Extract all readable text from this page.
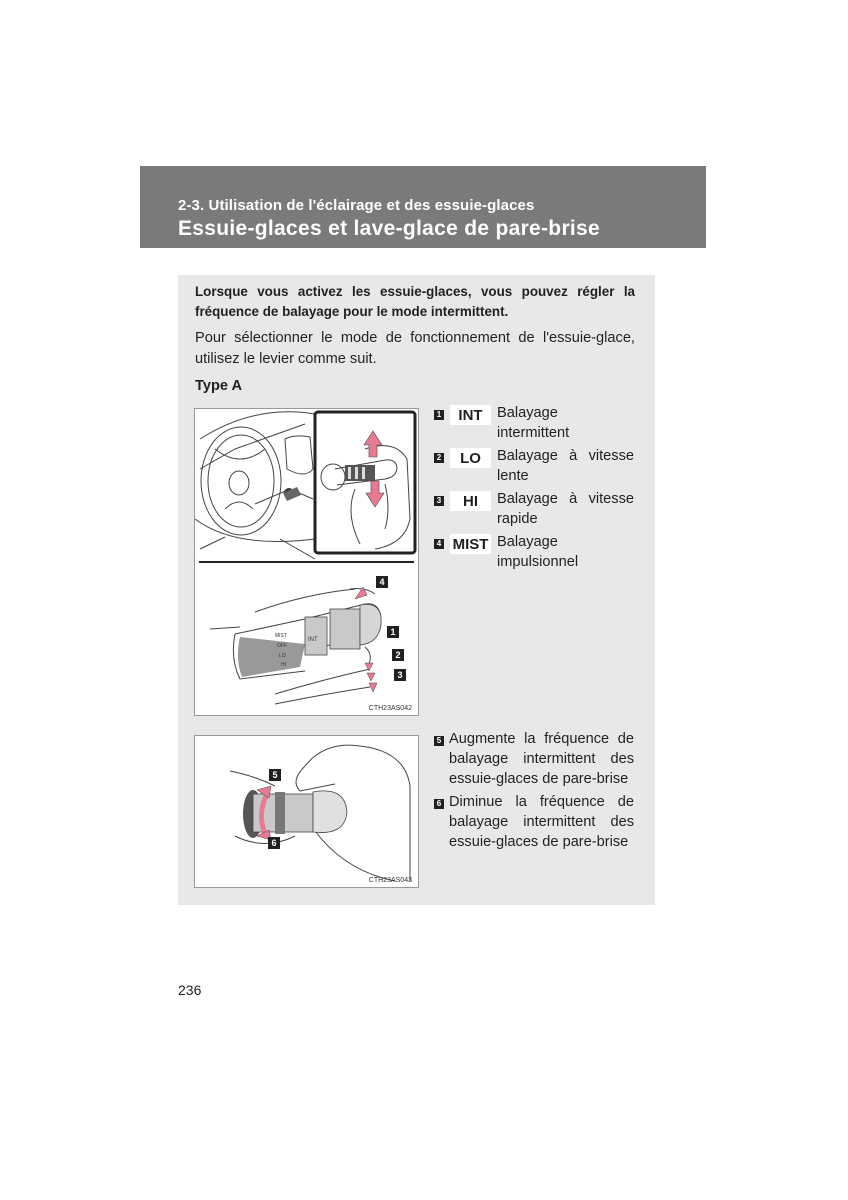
2-3. Utilisation de l'éclairage et des essuie-glaces
Essuie-glaces et lave-glace de pare-brise
Lorsque vous activez les essuie-glaces, vous pouvez régler la fréquence de balayage pour le mode intermittent.
Pour sélectionner le mode de fonctionnement de l'essuie-glace, utilisez le levier comme suit.
Type A
MIST
OFF
INT
LO
HI
4
1
2
3
CTH23AS042
5
6
CTH23AS043
1	INT Balayage intermittent
2	LO	Balayage à vitesse lente
3	HI	Balayage à vitesse rapide
4 MIST Balayage impulsionnel
5 Augmente la fréquence de balayage intermittent des essuie-glaces de pare-brise
6 Diminue la fréquence de balayage intermittent des essuie-glaces de pare-brise
236
